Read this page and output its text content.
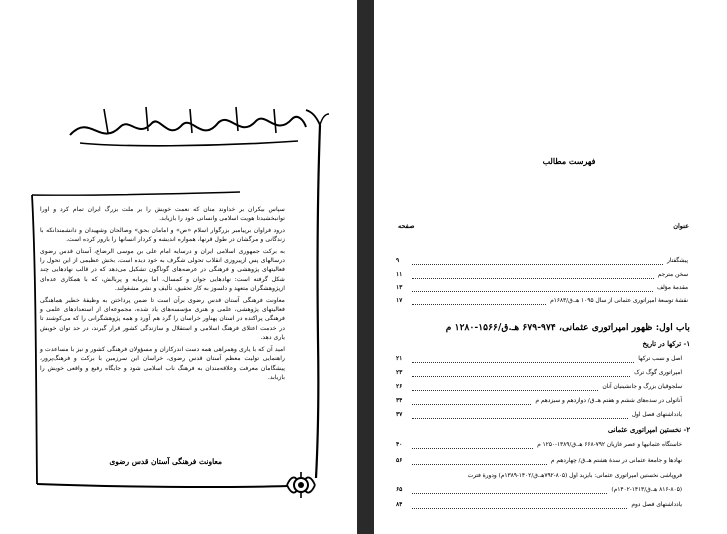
بسم الله الرحمن الرحیم

سپاس بیکران بر خداوند منان که نعمت خویش را بر ملت بزرگ ایران تمام کرد و اورا توانبخشیدتا هویت اسلامی وانسانی خود را بازیابد.

درود فراوان برپیامبر بزرگوار اسلام «ص» و امامان بحق» وصالحان وشهیدان و دانشمندانکه با زندگانی و مرگشان در طول قرنها، همواره اندیشه و کردار انسانها را بارور کرده است.

به برکت جمهوری اسلامی ایران و درسایه امام علی بن موسی الرضاع، آستان قدس رضوی درسالهای پس ازپیروزی انقلاب تحولی شگرف به خود دیده است. بخش عظیمی از این تحول را فعالیتهای پژوهشی و فرهنگی در عرصه‌های گوناگون تشکیل می‌دهد که در قالب نهادهایی چند شکل گرفته است: نهادهایی جوان و کمسال، اما پرمایه و پربالش، که با همکاری عده‌ای ازپژوهشگران متعهد و دلسوز به کار تحقیق، تألیف و نشر مشغولند.

معاونت فرهنگی آستان قدس رضوی برآن است تا ضمن پرداختن به وظیفهٔ خطیر هماهنگی فعالیتهای پژوهشی، علمی و هنری مؤسسه‌های یاد شده، مجموعه‌ای از استعدادهای علمی و فرهنگی پراکنده در استان پهناور خراسان را گرد هم آورد و همه پژوهشگرانی را که می‌کوشند تا در خدمت اعتلای فرهنگ اسلامی و استقلال و سازندگی کشور قرار گیرند، در حد توان خویش یاری دهد.

امید آن که با یاری وهمراهی همه دست اندرکاران و مسؤولان فرهنگی کشور و نیز با مساعدت و راهنمایی تولیت معظم آستان قدس رضوی، خراسان این سرزمین با برکت و فرهنگ‌پرور، پیشگامان معرفت وعلاقه‌مندان به فرهنگ ناب اسلامی شود و جایگاه رفیع و واقعی خویش را بازیابد.

معاونت فرهنگی آستان قدس رضوی
فهرست مطالب
عنوان
صفحه
پیشگفتار
۹
سخن مترجم
۱۱
مقدمهٔ مؤلف
۱۳
نقشهٔ توسعهٔ امپراتوری عثمانی از سال ۱۰۹۵ هـ.ق/۱۶۸۳م
۱۷
باب اول: ظهور امپراتوری عثمانی، ۹۷۴-۶۷۹ هـ.ق/۱۵۶۶-۱۲۸۰ م
۱- ترکها در تاریخ
اصل و نسب ترکها
۲۱
امپراتوری گوگ ترک
۲۳
سلجوقیان بزرگ و جانشینیان آنان
۲۶
آناتولی در سده‌های ششم و هفتم هـ.ق/ دوازدهم و سیزدهم م
۳۴
یادداشتهای فصل اول
۳۷
۲- نخستین امپراتوری عثمانی
خاستگاه عثمانیها و عصر غازیان ۷۹۲-۶۶۸ هـ.ق/۱۳۸۹-۱۲۵۰ م
۴۰
نهادها و جامعهٔ عثمانی در سدهٔ هشتم هـ.ق/ چهاردهم م
۵۶
فروپاشی نخستین امپراتوری عثمانی: بایزید اول (۸۰۵-۷۹۲هـ.ق/۱۴۰۲-۱۳۸۹م) ودورهٔ فترت
(۸۱۶-۸۰۵ هـ.ق/۱۴۱۳-۱۴۰۲م)
۶۵
یادداشتهای فصل دوم
۸۴
